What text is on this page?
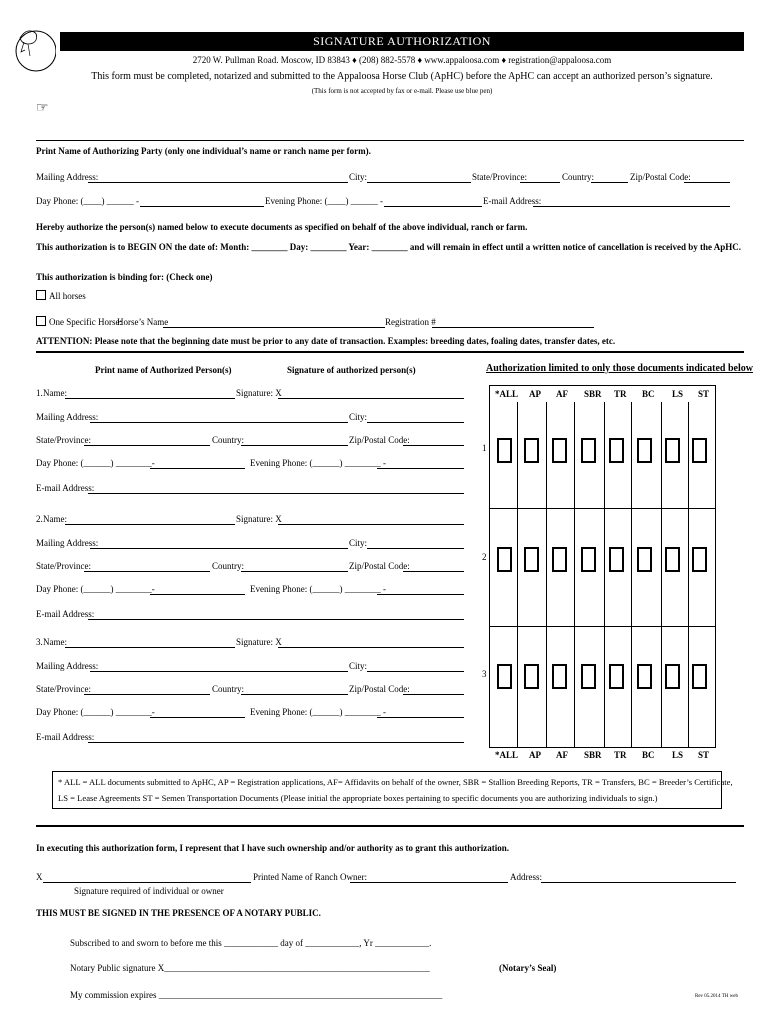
SIGNATURE AUTHORIZATION
2720 W. Pullman Road. Moscow, ID 83843 ♦ (208) 882-5578 ♦ www.appaloosa.com ♦ registration@appaloosa.com
This form must be completed, notarized and submitted to the Appaloosa Horse Club (ApHC) before the ApHC can accept an authorized person’s signature.
(This form is not accepted by fax or e-mail. Please use blue pen)
☞
Print Name of Authorizing Party (only one individual’s name or ranch name per form).
Mailing Address:	City:	State/Province:	Country:	Zip/Postal Code:
Day Phone: (____) ______ -	Evening Phone: (____) ______ -	E-mail Address:
Hereby authorize the person(s) named below to execute documents as specified on behalf of the above individual, ranch or farm.
This authorization is to BEGIN ON the date of: Month: ________ Day: ________ Year: ________ and will remain in effect until a written notice of cancellation is received by the ApHC.
This authorization is binding for: (Check one)
All horses
One Specific Horse:
Horse’s Name	Registration #
ATTENTION: Please note that the beginning date must be prior to any date of transaction. Examples: breeding dates, foaling dates, transfer dates, etc.
Print name of Authorized Person(s)	Signature of authorized person(s)	Authorization limited to only those documents indicated below
*ALL AP AF SBR TR BC LS ST
*ALL AP AF SBR TR BC LS ST
1
2
3
1. Name:	Signature: X
Mailing Address:	City:
State/Province:	Country:	Zip/Postal Code:
Day Phone: (______) ________-	Evening Phone: (______) ________ -
E-mail Address:
2. Name:	Signature: X
Mailing Address:	City:
State/Province:	Country:	Zip/Postal Code:
Day Phone: (______) ________-	Evening Phone: (______) ________ -
E-mail Address:
3. Name:	Signature: X
Mailing Address:	City:
State/Province:	Country:	Zip/Postal Code:
Day Phone: (______) ________-	Evening Phone: (______) ________ -
E-mail Address:
* ALL = ALL documents submitted to ApHC, AP = Registration applications, AF= Affidavits on behalf of the owner, SBR = Stallion Breeding Reports, TR = Transfers, BC = Breeder’s Certificate,
LS = Lease Agreements ST = Semen Transportation Documents (Please initial the appropriate boxes pertaining to specific documents you are authorizing individuals to sign.)
In executing this authorization form, I represent that I have such ownership and/or authority as to grant this authorization.
X	Printed Name of Ranch Owner:	Address:
Signature required of individual or owner
THIS MUST BE SIGNED IN THE PRESENCE OF A NOTARY PUBLIC.
Subscribed to and sworn to before me this ____________ day of ____________, Yr ____________.
Notary Public signature X___________________________________________________________	(Notary’s Seal)
My commission expires _______________________________________________________________	Rev 05.2014 TH web
